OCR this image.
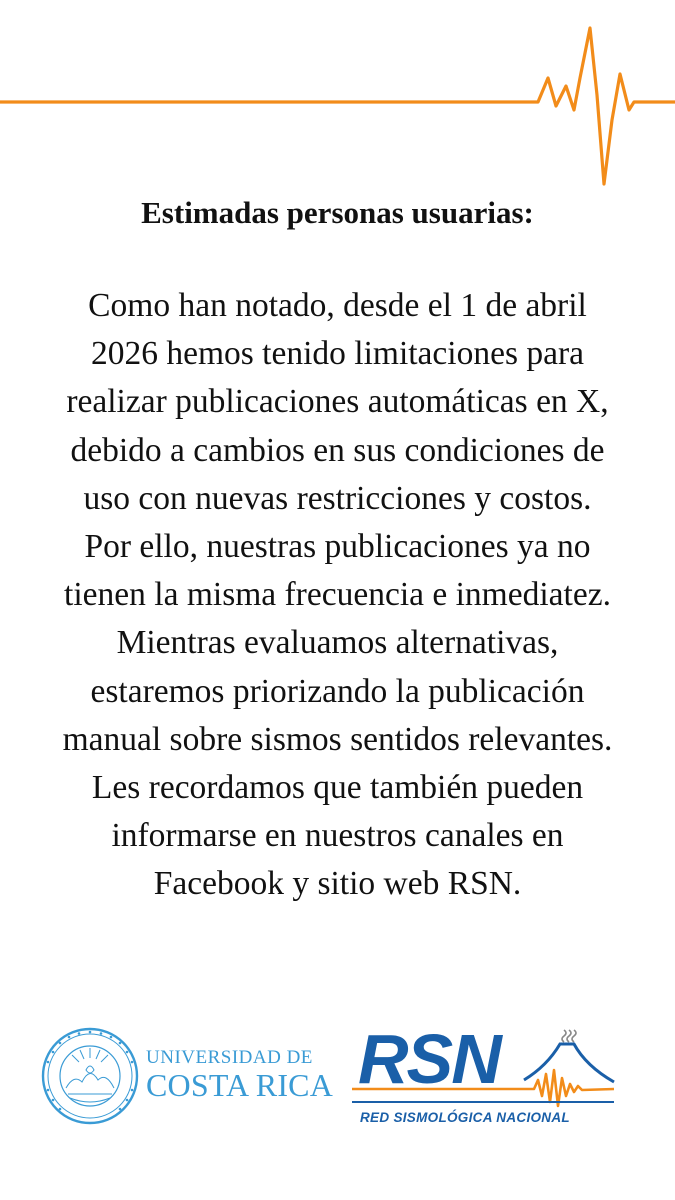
Estimadas personas usuarias:

Como han notado, desde el 1 de abril
2026 hemos tenido limitaciones para
realizar publicaciones automáticas en X,
debido a cambios en sus condiciones de
uso con nuevas restricciones y costos.
Por ello, nuestras publicaciones ya no
tienen la misma frecuencia e inmediatez.
Mientras evaluamos alternativas,
estaremos priorizando la publicación
manual sobre sismos sentidos relevantes.
Les recordamos que también pueden
informarse en nuestros canales en
Facebook y sitio web RSN.

UNIVERSIDAD DE
COSTA RICA RSN
RED SISMOLÓGICA NACIONAL
